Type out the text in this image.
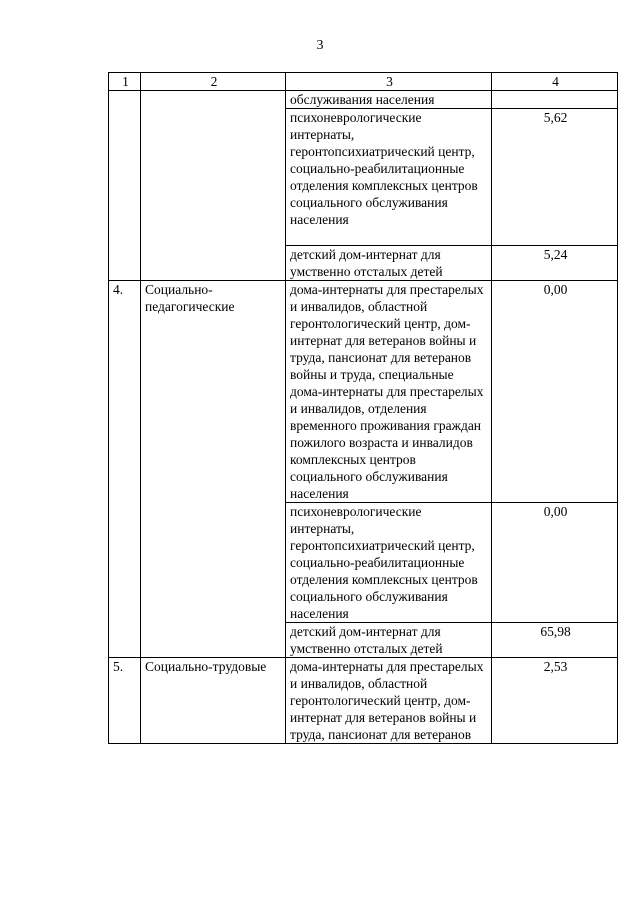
3
1	2	3	4
		обслуживания населения	
		психоневрологические интернаты, геронтопсихиатрический центр, социально-реабилитационные отделения комплексных центров социального обслуживания населения	5,62
		детский дом-интернат для умственно отсталых детей	5,24
4.	Социально-педагогические	дома-интернаты для престарелых и инвалидов, областной геронтологический центр, дом-интернат для ветеранов войны и труда, пансионат для ветеранов войны и труда, специальные дома-интернаты для престарелых и инвалидов, отделения временного проживания граждан пожилого возраста и инвалидов комплексных центров социального обслуживания населения	0,00
		психоневрологические интернаты, геронтопсихиатрический центр, социально-реабилитационные отделения комплексных центров социального обслуживания населения	0,00
		детский дом-интернат для умственно отсталых детей	65,98
5.	Социально-трудовые	дома-интернаты для престарелых и инвалидов, областной геронтологический центр, дом-интернат для ветеранов войны и труда, пансионат для ветеранов	2,53
